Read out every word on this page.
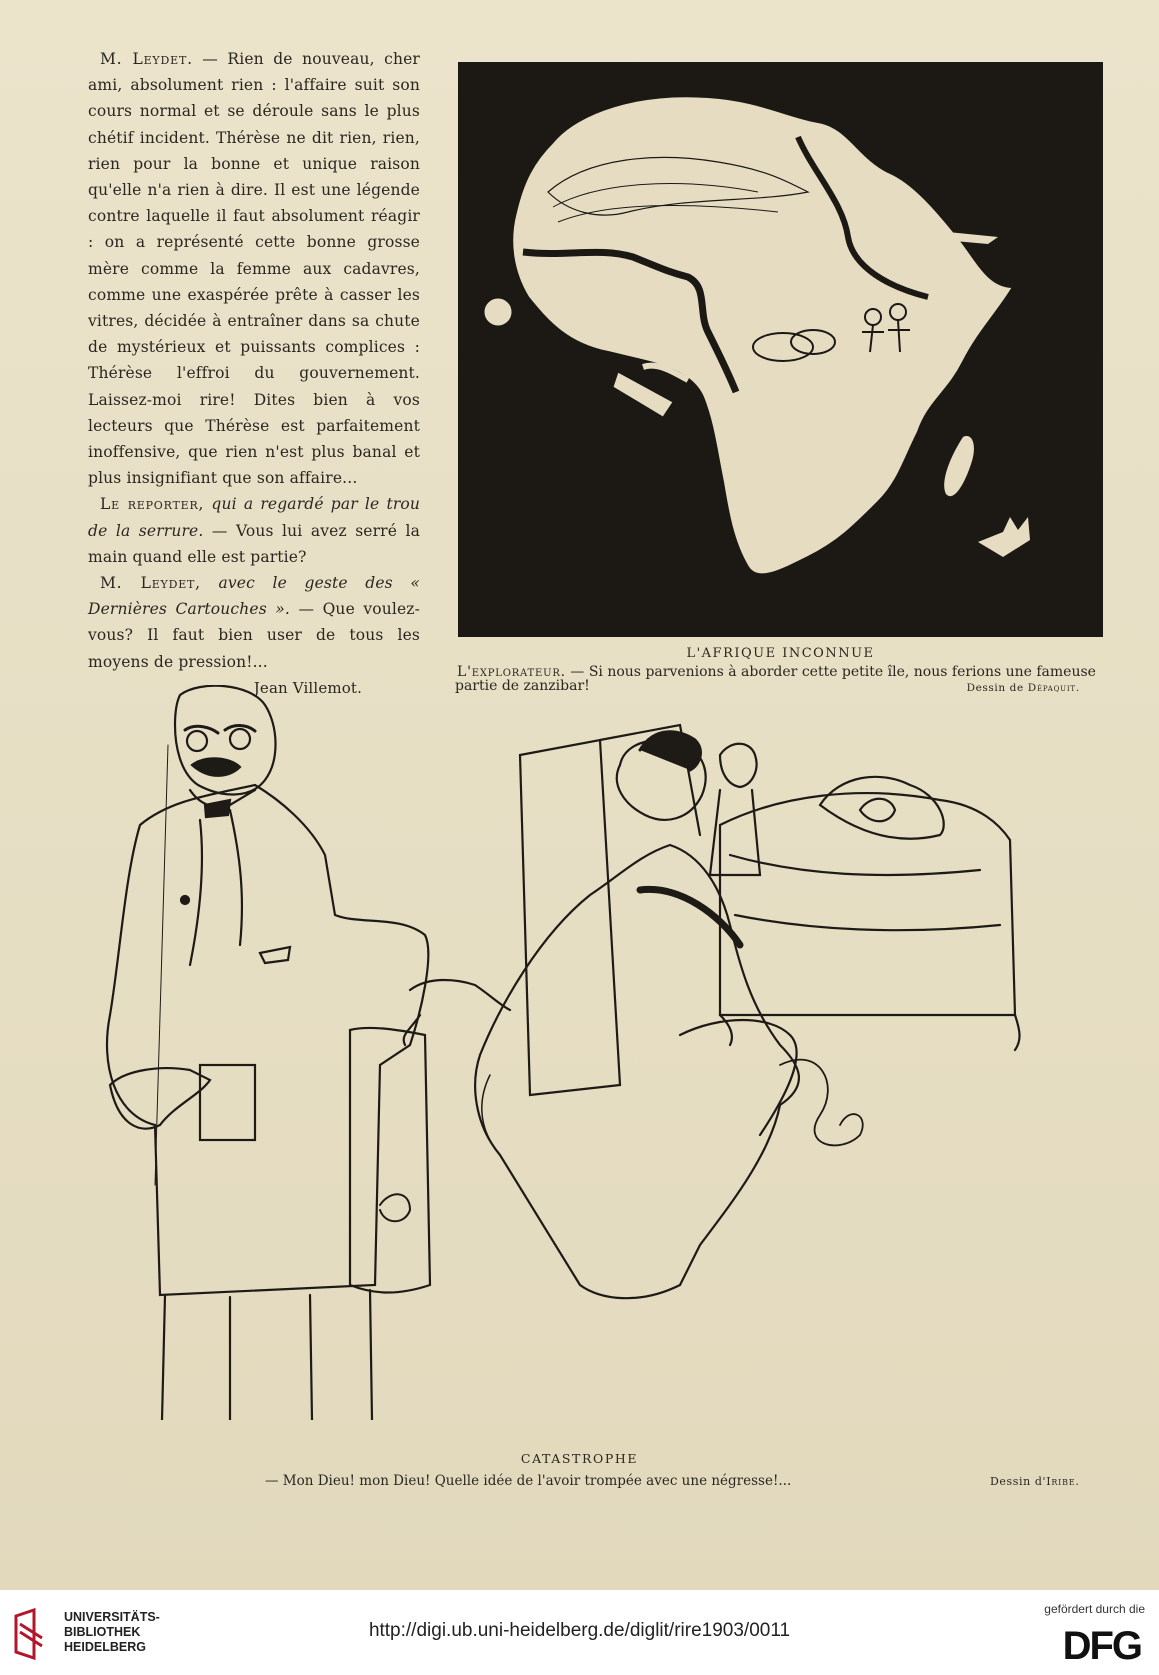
M. Leydet. — Rien de nouveau, cher ami, absolument rien : l'affaire suit son cours normal et se déroule sans le plus chétif incident. Thérèse ne dit rien, rien, rien pour la bonne et unique raison qu'elle n'a rien à dire. Il est une légende contre laquelle il faut absolument réagir : on a représenté cette bonne grosse mère comme la femme aux cadavres, comme une exaspérée prête à casser les vitres, décidée à entraîner dans sa chute de mystérieux et puissants complices : Thérèse l'effroi du gouvernement. Laissez-moi rire! Dites bien à vos lecteurs que Thérèse est parfaitement inoffensive, que rien n'est plus banal et plus insignifiant que son affaire...

Le reporter, qui a regardé par le trou de la serrure. — Vous lui avez serré la main quand elle est partie?

M. Leydet, avec le geste des « Dernières Cartouches ». — Que voulez-vous? Il faut bien user de tous les moyens de pression!...

Jean Villemot.
L'AFRIQUE INCONNUE
L'explorateur. — Si nous parvenions à aborder cette petite île, nous ferions une fameuse partie de zanzibar!	Dessin de Dépaquit.
CATASTROPHE
— Mon Dieu! mon Dieu! Quelle idée de l'avoir trompée avec une négresse!...	Dessin d'Iribe.
UNIVERSITÄTS-
BIBLIOTHEK
HEIDELBERG
http://digi.ub.uni-heidelberg.de/diglit/rire1903/0011
gefördert durch die
DFG
